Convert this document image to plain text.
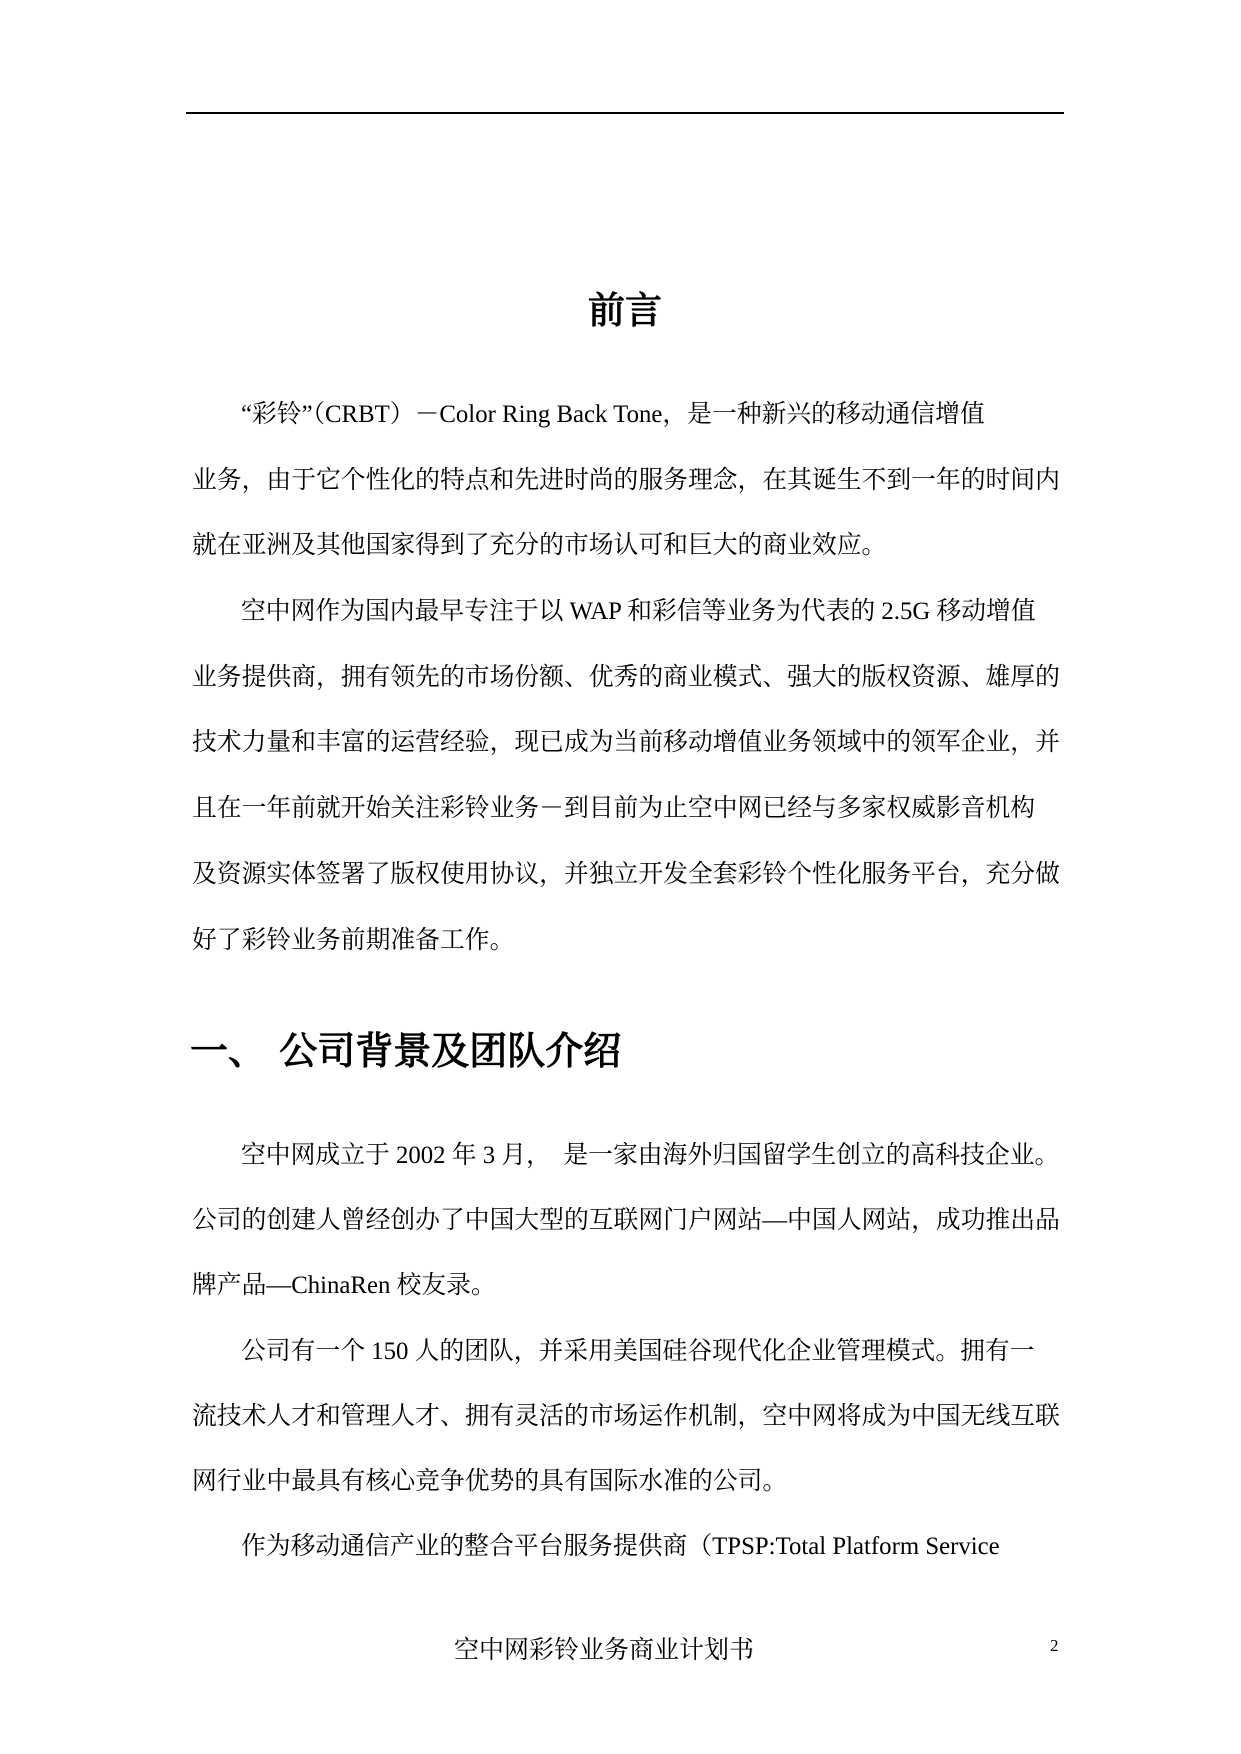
前言
“彩铃”（CRBT）－Color Ring Back Tone，是一种新兴的移动通信增值
业务，由于它个性化的特点和先进时尚的服务理念，在其诞生不到一年的时间内
就在亚洲及其他国家得到了充分的市场认可和巨大的商业效应。
空中网作为国内最早专注于以 WAP 和彩信等业务为代表的 2.5G 移动增值
业务提供商，拥有领先的市场份额、优秀的商业模式、强大的版权资源、雄厚的
技术力量和丰富的运营经验，现已成为当前移动增值业务领域中的领军企业，并
且在一年前就开始关注彩铃业务－到目前为止空中网已经与多家权威影音机构
及资源实体签署了版权使用协议，并独立开发全套彩铃个性化服务平台，充分做
好了彩铃业务前期准备工作。
一、 公司背景及团队介绍
空中网成立于 2002 年 3 月，  是一家由海外归国留学生创立的高科技企业。
公司的创建人曾经创办了中国大型的互联网门户网站—中国人网站，成功推出品
牌产品—ChinaRen 校友录。
公司有一个 150 人的团队，并采用美国硅谷现代化企业管理模式。拥有一
流技术人才和管理人才、拥有灵活的市场运作机制，空中网将成为中国无线互联
网行业中最具有核心竞争优势的具有国际水准的公司。
作为移动通信产业的整合平台服务提供商（TPSP:Total Platform Service
空中网彩铃业务商业计划书	2
